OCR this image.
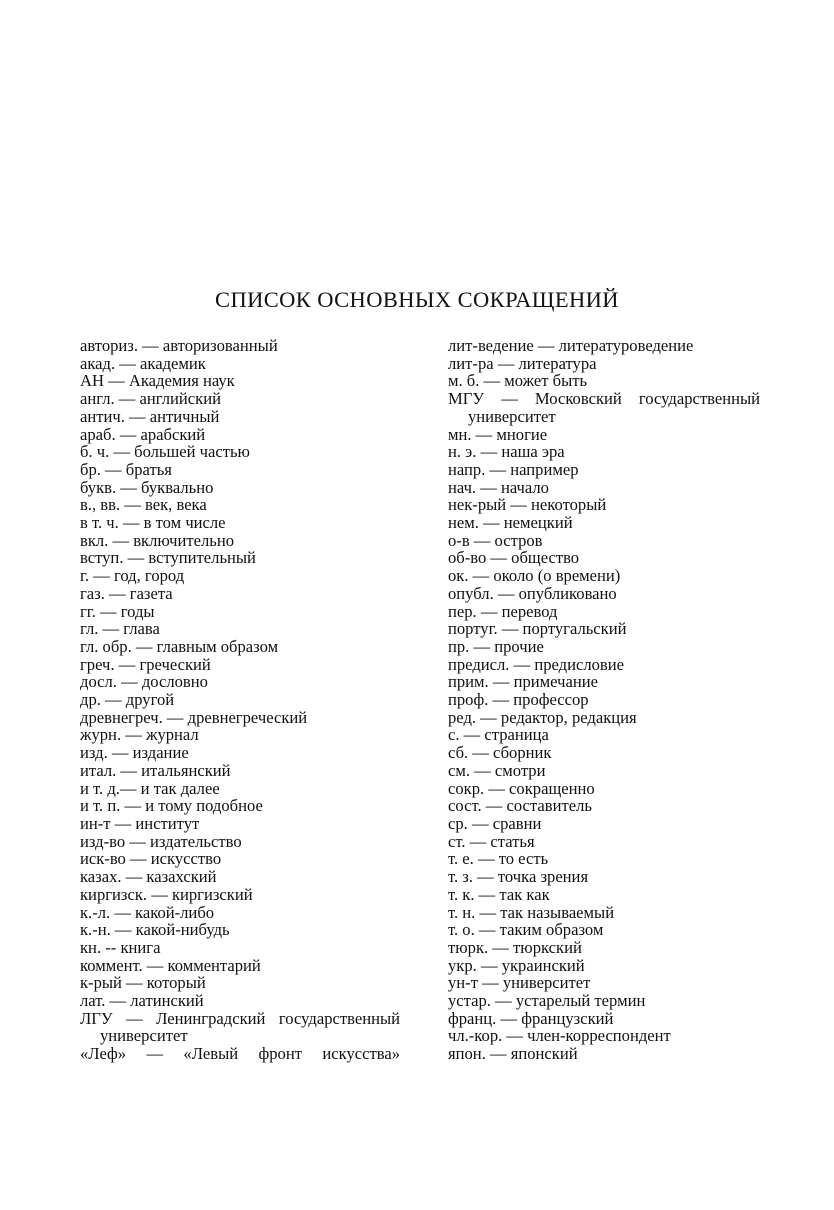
СПИСОК ОСНОВНЫХ СОКРАЩЕНИЙ
авториз. — авторизованный
акад. — академик
АН — Академия наук
англ. — английский
антич. — античный
араб. — арабский
б. ч. — большей частью
бр. — братья
букв. — буквально
в., вв. — век, века
в т. ч. — в том числе
вкл. — включительно
вступ. — вступительный
г. — год, город
газ. — газета
гг. — годы
гл. — глава
гл. обр. — главным образом
греч. — греческий
досл. — дословно
др. — другой
древнегреч. — древнегреческий
журн. — журнал
изд. — издание
итал. — итальянский
и т. д.— и так далее
и т. п. — и тому подобное
ин-т — институт
изд-во — издательство
иск-во — искусство
казах. — казахский
киргизск. — киргизский
к.-л. — какой-либо
к.-н. — какой-нибудь
кн. -- книга
коммент. — комментарий
к-рый — который
лат. — латинский
ЛГУ — Ленинградский государственный университет
«Леф» — «Левый фронт искусства»
лит-ведение — литературоведение
лит-ра — литература
м. б. — может быть
МГУ — Московский государственный университет
мн. — многие
н. э. — наша эра
напр. — например
нач. — начало
нек-рый — некоторый
нем. — немецкий
о-в — остров
об-во — общество
ок. — около (о времени)
опубл. — опубликовано
пер. — перевод
португ. — португальский
пр. — прочие
предисл. — предисловие
прим. — примечание
проф. — профессор
ред. — редактор, редакция
с. — страница
сб. — сборник
см. — смотри
сокр. — сокращенно
сост. — составитель
ср. — сравни
ст. — статья
т. е. — то есть
т. з. — точка зрения
т. к. — так как
т. н. — так называемый
т. о. — таким образом
тюрк. — тюркский
укр. — украинский
ун-т — университет
устар. — устарелый термин
франц. — французский
чл.-кор. — член-корреспондент
япон. — японский
